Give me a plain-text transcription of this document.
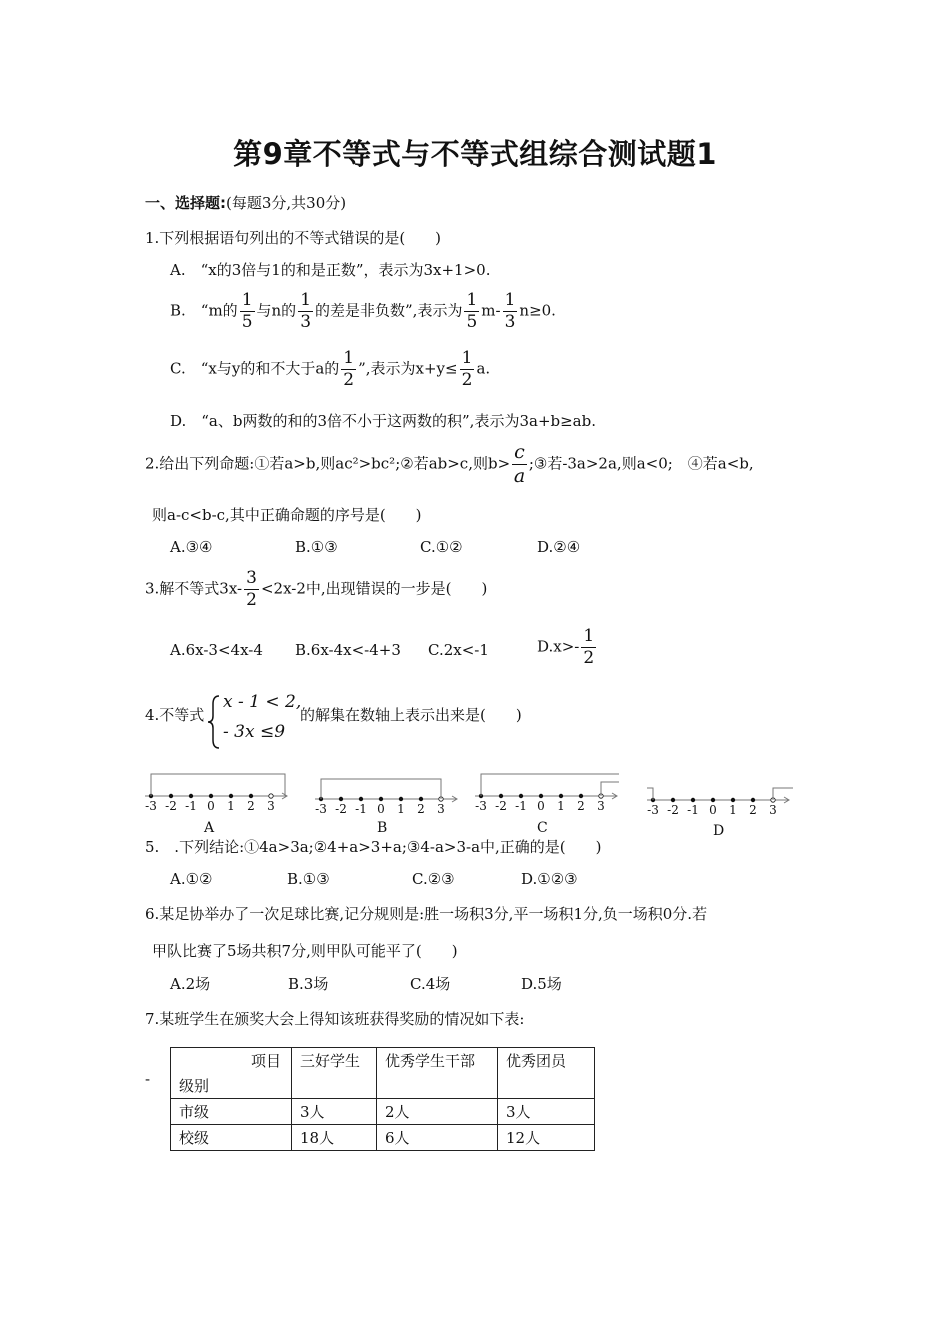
第9章不等式与不等式组综合测试题1
一、选择题:(每题3分,共30分)
1.下列根据语句列出的不等式错误的是(　　)
A.　“x的3倍与1的和是正数”，表示为3x+1>0.
B.　“m的 $\frac{1}{5}$ 与n的 $\frac{1}{3}$ 的差是非负数”,表示为 $\frac{1}{5} m- \frac{1}{3} n\ge 0$.
C.　“x与y的和不大于a的 $\frac{1}{2}$ ”,表示为$x+y\le \frac{1}{2} a$.
D.　“a、b两数的和的3倍不小于这两数的积”,表示为3a+b≥ab.
2.给出下列命题:①若a>b,则ac²>bc²;②若ab>c,则$b> \frac{c}{a}$ ;③若-3a>2a,则a<0;　④若a<b,
则a-c<b-c,其中正确命题的序号是(　　)
A.③④	B.①③	C.①②	D.②④
3.解不等式$3x- \frac{3}{2} <2x-2$中,出现错误的一步是(　　)
A.6x-3<4x-4 B.6x-4x<-4+3 C.2x<-1	$D.x>- \frac{1}{2}$
4.不等式
x - 1 < 2,
- 3x ≤9
的解集在数轴上表示出来是(　　)
-3 -2 -1 0 1 2 3	-3 -2 -1 0 1 2 3	-3 -2 -1 0 1 2 3	-3 -2 -1 0 1 2 3
A	B	C	D
5.　.下列结论:①4a>3a;②4+a>3+a;③4-a>3-a中,正确的是(　　)
A.①②	B.①③	C.②③	D.①②③
6.某足协举办了一次足球比赛,记分规则是:胜一场积3分,平一场积1分,负一场积0分.若
甲队比赛了5场共积7分,则甲队可能平了(　　)
A.2场	B.3场	C.4场	D.5场
7.某班学生在颁奖大会上得知该班获得奖励的情况如下表:
-
项目
级别	三好学生	优秀学生干部	优秀团员
市级	3人	2人	3人
校级	18人	6人	12人
